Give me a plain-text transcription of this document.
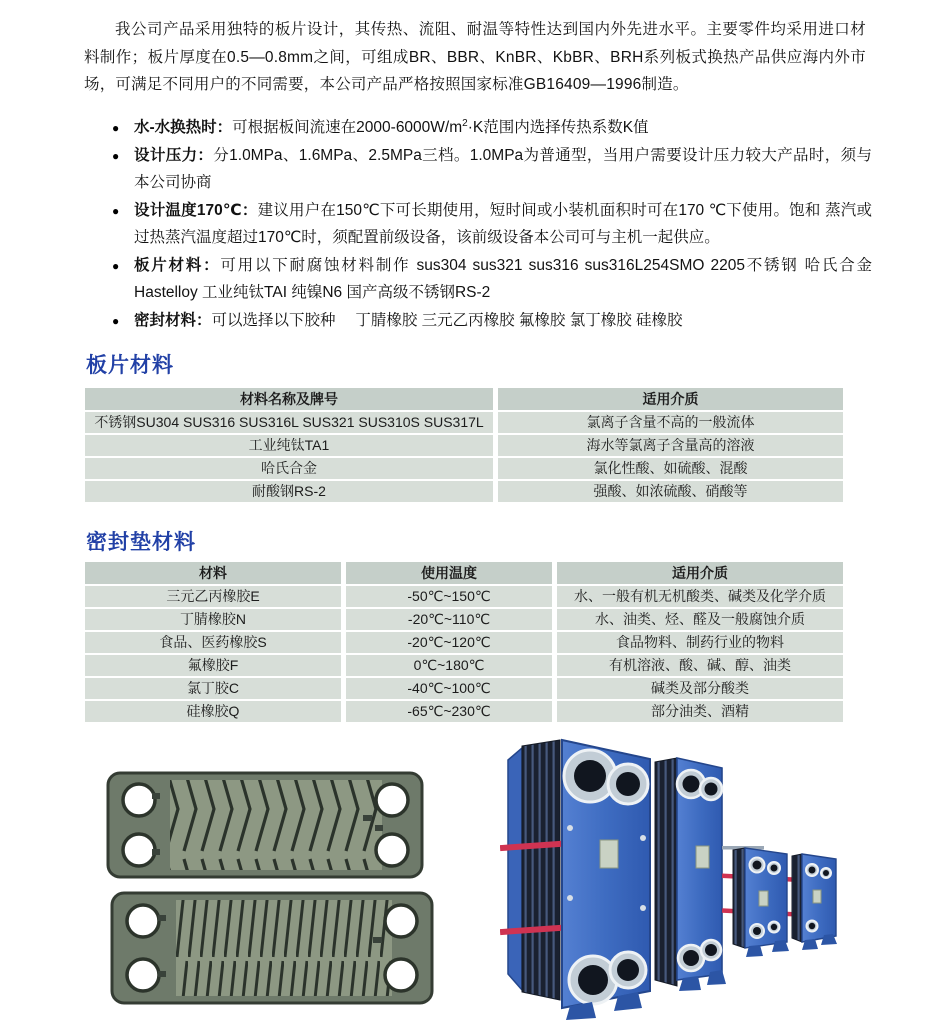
我公司产品采用独特的板片设计，其传热、流阻、耐温等特性达到国内外先进水平。主要零件均采用进口材料制作；板片厚度在0.5—0.8mm之间，可组成BR、BBR、KnBR、KbBR、BRH系列板式换热产品供应海内外市场，可满足不同用户的不同需要，本公司产品严格按照国家标准GB16409—1996制造。

● 水-水换热时：可根据板间流速在$2000-6000W/m^2\cdot K$范围内选择传热系数K值
● 设计压力：分1.0MPa、1.6MPa、2.5MPa三档。1.0MPa为普通型，当用户需要设计压力较大产品时，须与本公司协商
● 设计温度170℃：建议用户在150℃下可长期使用，短时间或小装机面积时可在170 ℃下使用。饱和 蒸汽或过热蒸汽温度超过170℃时，须配置前级设备，该前级设备本公司可与主机一起供应。
● 板片材料：可用以下耐腐蚀材料制作 sus304 sus321 sus316 sus316L254SMO 2205不锈钢 哈氏合金 Hastelloy 工业纯钛TAI 纯镍N6 国产高级不锈钢RS-2
● 密封材料：可以选择以下胶种　 丁腈橡胶 三元乙丙橡胶 氟橡胶 氯丁橡胶 硅橡胶
板片材料
材料名称及牌号	适用介质
不锈钢SU304 SUS316 SUS316L SUS321 SUS310S SUS317L	氯离子含量不高的一般流体
工业纯钛TA1	海水等氯离子含量高的溶液
哈氏合金	氯化性酸、如硫酸、混酸
耐酸钢RS-2	强酸、如浓硫酸、硝酸等
密封垫材料
材料	使用温度	适用介质
三元乙丙橡胶E	-50℃~150℃	水、一般有机无机酸类、碱类及化学介质
丁腈橡胶N	-20℃~110℃	水、油类、烃、醛及一般腐蚀介质
食品、医药橡胶S	-20℃~120℃	食品物料、制药行业的物料
氟橡胶F	0℃~180℃	有机溶液、酸、碱、醇、油类
氯丁胶C	-40℃~100℃	碱类及部分酸类
硅橡胶Q	-65℃~230℃	部分油类、酒精
